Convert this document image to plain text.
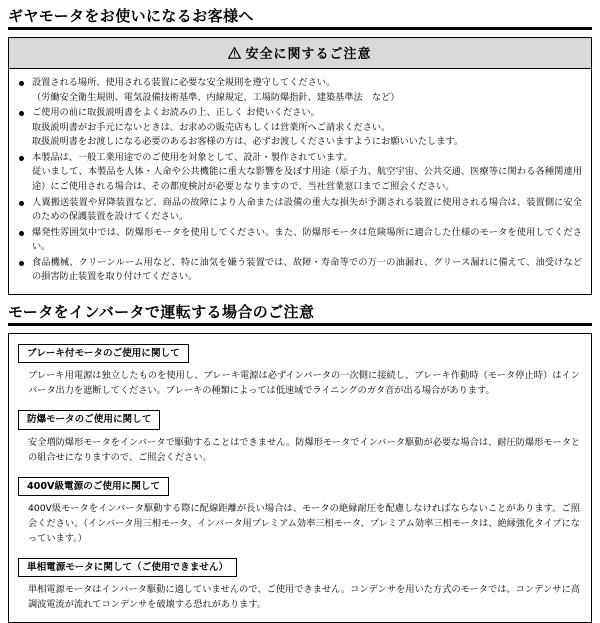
ギヤモータをお使いになるお客様へ
安全に関するご注意
設置される場所、使用される装置に必要な安全規則を遵守してください。
（労働安全衛生規則、電気設備技術基準、内線規定、工場防爆指針、建築基準法　など）
ご使用の前に取扱説明書をよくお読みの上、正しく お使いください。
取扱説明書がお手元にないときは、お求めの販売店もしくは営業所へご請求ください。
取扱説明書をお渡しになる必要のあるお客様の方は、必ずお渡しくださいますようにお願いいたします。
本製品は、一般工業用途でのご使用を対象として、設計・製作されています。
従いまして、本製品を人体・人命や公共機能に重大な影響を及ぼす用途（原子力、航空宇宙、公共交通、医療等に関わる各種関連用途）にご使用される場合は、その都度検討が必要となりますので、当社営業窓口までご照会ください。
人翼搬送装置や昇降装置など、商品の故障により人命または設備の重大な損失が予測される装置に使用される場合は、装置側に安全のための保護装置を設けてください。
爆発性雰囲気中では、防爆形モータを使用してください。また、防爆形モータは危険場所に適合した仕様のモータを使用してください。
食品機械、クリーンルーム用など、特に油気を嫌う装置では、故障・寿命等での万一の油漏れ、グリース漏れに備えて、油受けなどの損害防止装置を取り付けてください。
モータをインバータで運転する場合のご注意
ブレーキ付モータのご使用に関して

ブレーキ用電源は独立したものを使用し、ブレーキ電源は必ずインバータの一次側に接続し、ブレーキ作動時（モータ停止時）はインバータ出力を遮断してください。ブレーキの種類によっては低速域でライニングのガタ音が出る場合があります。

防爆モータのご使用に関して

安全増防爆形モータをインバータで駆動することはできません。防爆形モータでインバータ駆動が必要な場合は、耐圧防爆形モータとの組合せになりますので、ご照会ください。

400V級電源のご使用に関して

400V級モータをインバータ駆動する際に配線距離が長い場合は、モータの絶縁耐圧を配慮しなければならないことがあります。ご照会ください。（インバータ用三相モータ、インバータ用プレミアム効率三相モータ、プレミアム効率三相モータは、絶縁強化タイプになっています。）

単相電源モータに関して（ご使用できません）

単相電源モータはインバータ駆動に適していませんので、ご使用できません。コンデンサを用いた方式のモータでは、コンデンサに高調波電流が流れてコンデンサを破壊する恐れがあります。
